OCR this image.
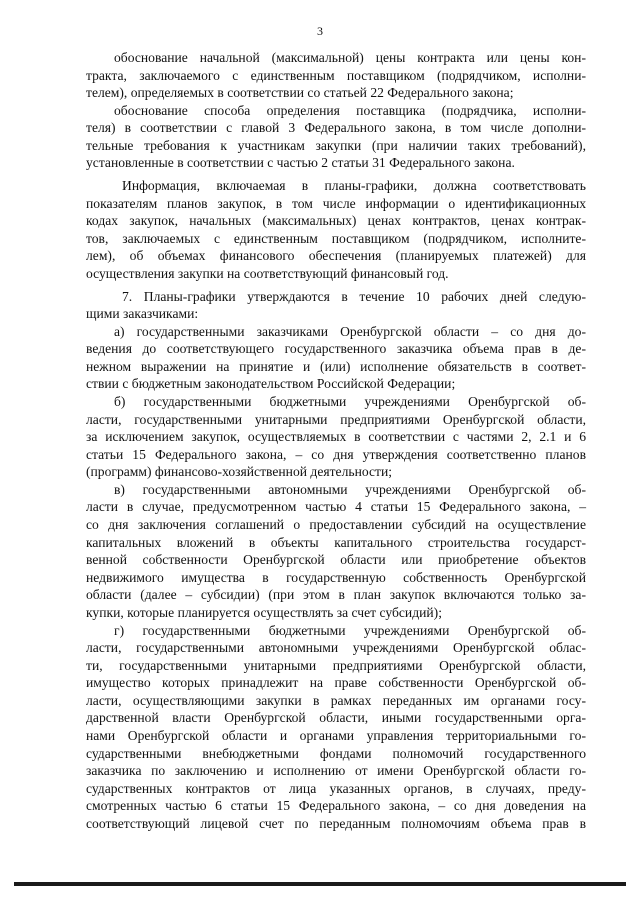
3
обоснование начальной (максимальной) цены контракта или цены кон-
тракта, заключаемого с единственным поставщиком (подрядчиком, исполни-
телем), определяемых в соответствии со статьей 22 Федерального закона;
обоснование способа определения поставщика (подрядчика, исполни-
теля) в соответствии с главой 3 Федерального закона, в том числе дополни-
тельные требования к участникам закупки (при наличии таких требований),
установленные в соответствии с частью 2 статьи 31 Федерального закона.
Информация, включаемая в планы-графики, должна соответствовать
показателям планов закупок, в том числе информации о идентификационных
кодах закупок, начальных (максимальных) ценах контрактов, ценах контрак-
тов, заключаемых с единственным поставщиком (подрядчиком, исполните-
лем), об объемах финансового обеспечения (планируемых платежей) для
осуществления закупки на соответствующий финансовый год.
7. Планы-графики утверждаются в течение 10 рабочих дней следую-
щими заказчиками:
а) государственными заказчиками Оренбургской области – со дня до-
ведения до соответствующего государственного заказчика объема прав в де-
нежном выражении на принятие и (или) исполнение обязательств в соответ-
ствии с бюджетным законодательством Российской Федерации;
б) государственными бюджетными учреждениями Оренбургской об-
ласти, государственными унитарными предприятиями Оренбургской области,
за исключением закупок, осуществляемых в соответствии с частями 2, 2.1 и 6
статьи 15 Федерального закона, – со дня утверждения соответственно планов
(программ) финансово-хозяйственной деятельности;
в) государственными автономными учреждениями Оренбургской об-
ласти в случае, предусмотренном частью 4 статьи 15 Федерального закона, –
со дня заключения соглашений о предоставлении субсидий на осуществление
капитальных вложений в объекты капитального строительства государст-
венной собственности Оренбургской области или приобретение объектов
недвижимого имущества в государственную собственность Оренбургской
области (далее – субсидии) (при этом в план закупок включаются только за-
купки, которые планируется осуществлять за счет субсидий);
г) государственными бюджетными учреждениями Оренбургской об-
ласти, государственными автономными учреждениями Оренбургской облас-
ти, государственными унитарными предприятиями Оренбургской области,
имущество которых принадлежит на праве собственности Оренбургской об-
ласти, осуществляющими закупки в рамках переданных им органами госу-
дарственной власти Оренбургской области, иными государственными орга-
нами Оренбургской области и органами управления территориальными го-
сударственными внебюджетными фондами полномочий государственного
заказчика по заключению и исполнению от имени Оренбургской области го-
сударственных контрактов от лица указанных органов, в случаях, преду-
смотренных частью 6 статьи 15 Федерального закона, – со дня доведения на
соответствующий лицевой счет по переданным полномочиям объема прав в
